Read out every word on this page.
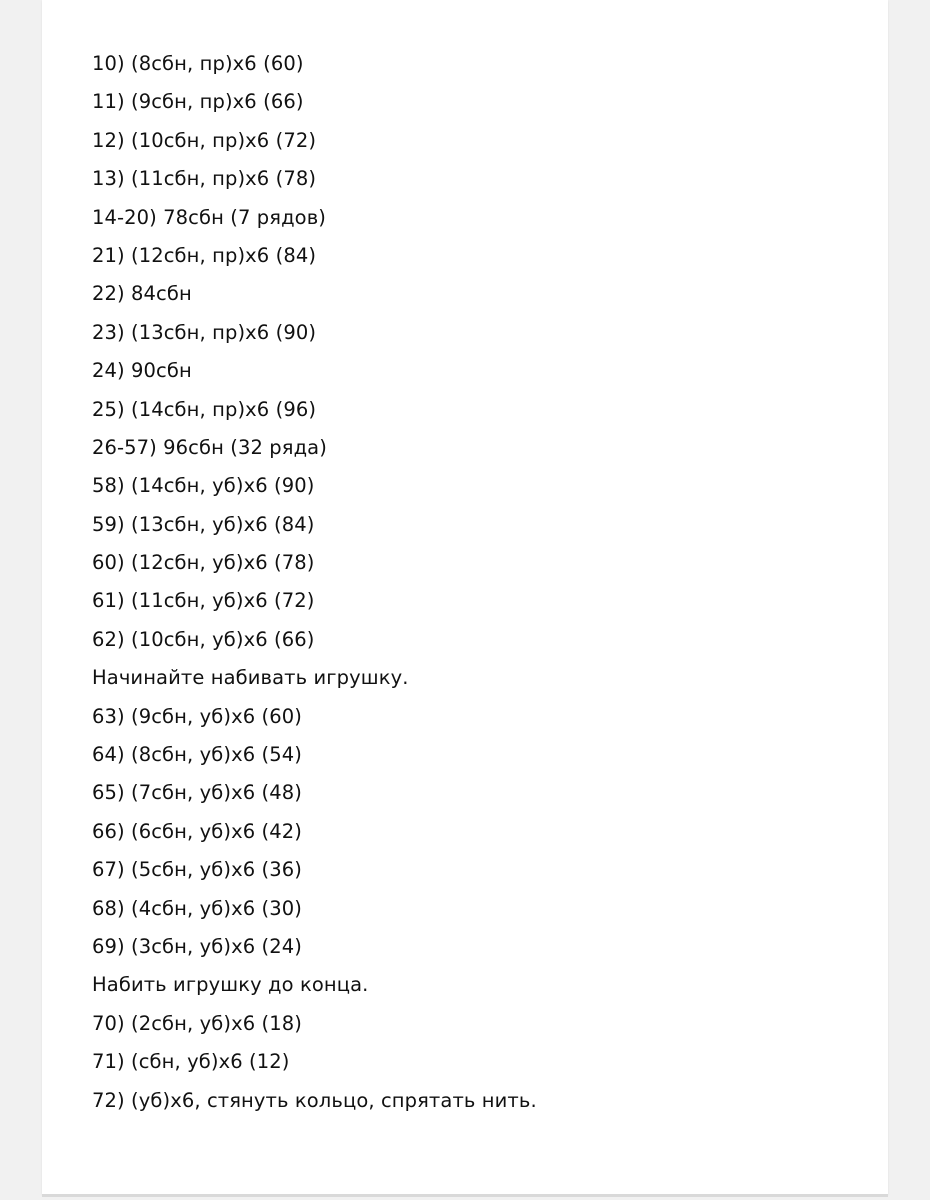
10) (8сбн, пр)х6 (60)
11) (9сбн, пр)х6 (66)
12) (10сбн, пр)х6 (72)
13) (11сбн, пр)х6 (78)
14-20) 78сбн (7 рядов)
21) (12сбн, пр)х6 (84)
22) 84сбн
23) (13сбн, пр)х6 (90)
24) 90сбн
25) (14сбн, пр)х6 (96)
26-57) 96сбн (32 ряда)
58) (14сбн, уб)х6 (90)
59) (13сбн, уб)х6 (84)
60) (12сбн, уб)х6 (78)
61) (11сбн, уб)х6 (72)
62) (10сбн, уб)х6 (66)
Начинайте набивать игрушку.
63) (9сбн, уб)х6 (60)
64) (8сбн, уб)х6 (54)
65) (7сбн, уб)х6 (48)
66) (6сбн, уб)х6 (42)
67) (5сбн, уб)х6 (36)
68) (4сбн, уб)х6 (30)
69) (3сбн, уб)х6 (24)
Набить игрушку до конца.
70) (2сбн, уб)х6 (18)
71) (сбн, уб)х6 (12)
72) (уб)х6, стянуть кольцо, спрятать нить.
